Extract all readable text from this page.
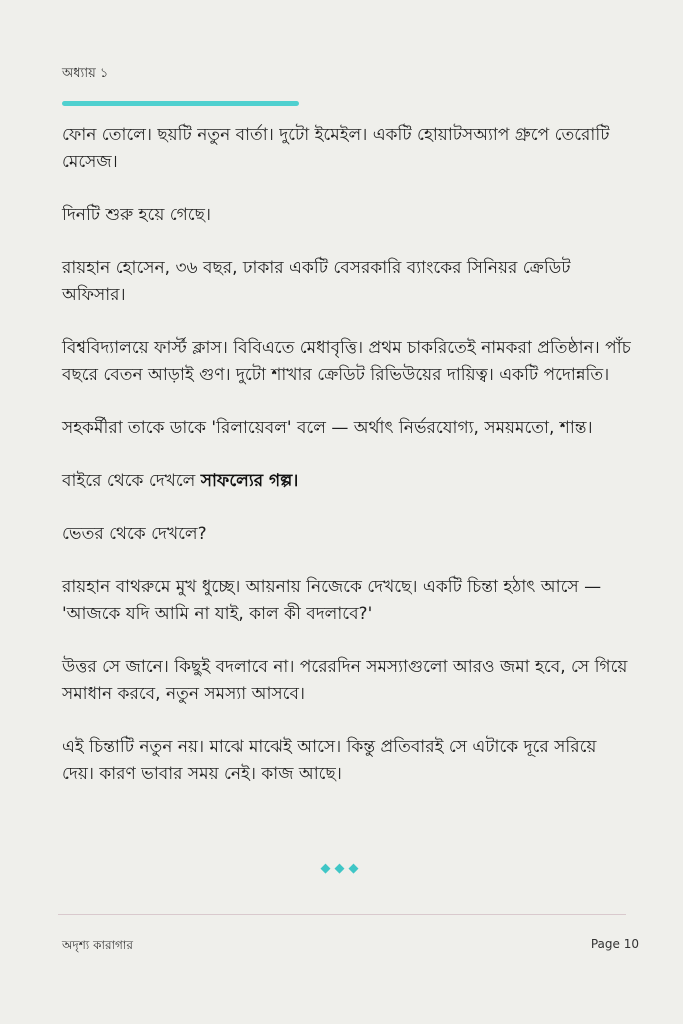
অধ্যায় ১

ফোন তোলে। ছয়টি নতুন বার্তা। দুটো ইমেইল। একটি হোয়াটসঅ্যাপ গ্রুপে তেরোটি মেসেজ।

দিনটি শুরু হয়ে গেছে।

রায়হান হোসেন, ৩৬ বছর, ঢাকার একটি বেসরকারি ব্যাংকের সিনিয়র ক্রেডিট অফিসার।

বিশ্ববিদ্যালয়ে ফার্স্ট ক্লাস। বিবিএতে মেধাবৃত্তি। প্রথম চাকরিতেই নামকরা প্রতিষ্ঠান। পাঁচ বছরে বেতন আড়াই গুণ। দুটো শাখার ক্রেডিট রিভিউয়ের দায়িত্ব। একটি পদোন্নতি।

সহকর্মীরা তাকে ডাকে 'রিলায়েবল' বলে — অর্থাৎ নির্ভরযোগ্য, সময়মতো, শান্ত।

বাইরে থেকে দেখলে সাফল্যের গল্প।

ভেতর থেকে দেখলে?

রায়হান বাথরুমে মুখ ধুচ্ছে। আয়নায় নিজেকে দেখছে। একটি চিন্তা হঠাৎ আসে — 'আজকে যদি আমি না যাই, কাল কী বদলাবে?'

উত্তর সে জানে। কিছুই বদলাবে না। পরেরদিন সমস্যাগুলো আরও জমা হবে, সে গিয়ে সমাধান করবে, নতুন সমস্যা আসবে।

এই চিন্তাটি নতুন নয়। মাঝে মাঝেই আসে। কিন্তু প্রতিবারই সে এটাকে দূরে সরিয়ে দেয়। কারণ ভাবার সময় নেই। কাজ আছে।

◆◆◆
অদৃশ্য কারাগার	Page 10
